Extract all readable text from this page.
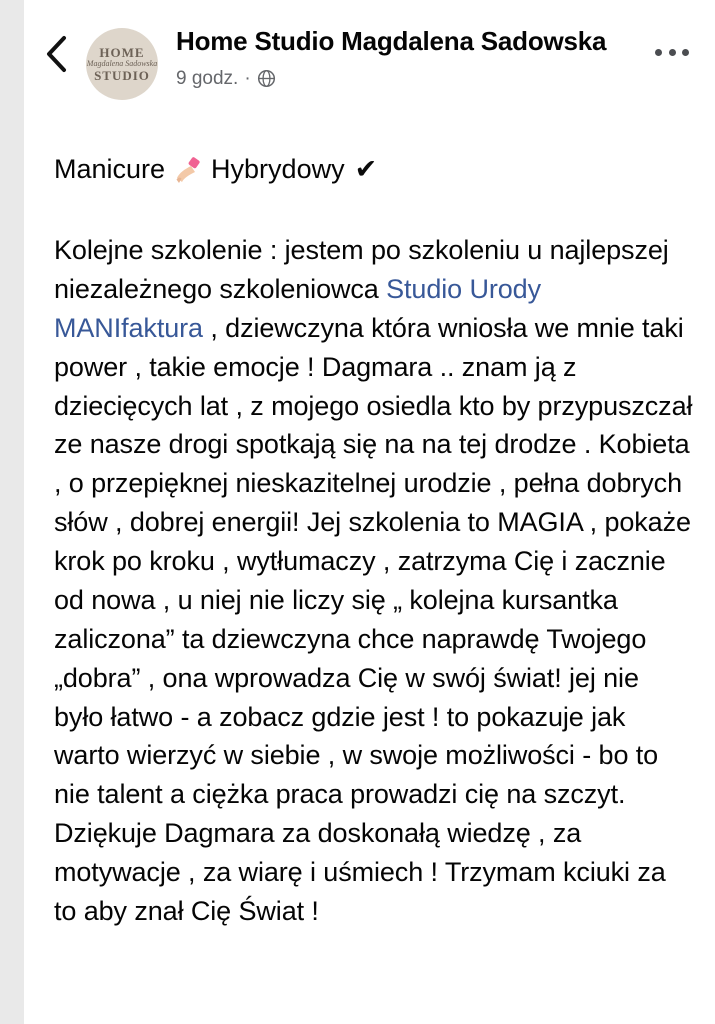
HOME
Magdalena Sadowska
STUDIO
Home Studio Magdalena Sadowska
9 godz. ·
Manicure Hybrydowy ✔
Kolejne szkolenie : jestem po szkoleniu u najlepszej niezależnego szkoleniowca Studio Urody MANIfaktura , dziewczyna która wniosła we mnie taki power , takie emocje ! Dagmara .. znam ją z dziecięcych lat , z mojego osiedla kto by przypuszczał ze nasze drogi spotkają się na na tej drodze . Kobieta , o przepięknej nieskazitelnej urodzie , pełna dobrych słów , dobrej energii! Jej szkolenia to MAGIA , pokaże krok po kroku , wytłumaczy , zatrzyma Cię i zacznie od nowa , u niej nie liczy się „ kolejna kursantka zaliczona” ta dziewczyna chce naprawdę Twojego „dobra” , ona wprowadza Cię w swój świat! jej nie było łatwo - a zobacz gdzie jest ! to pokazuje jak warto wierzyć w siebie , w swoje możliwości - bo to nie talent a ciężka praca prowadzi cię na szczyt. Dziękuje Dagmara za doskonałą wiedzę , za motywacje , za wiarę i uśmiech ! Trzymam kciuki za to aby znał Cię Świat !
